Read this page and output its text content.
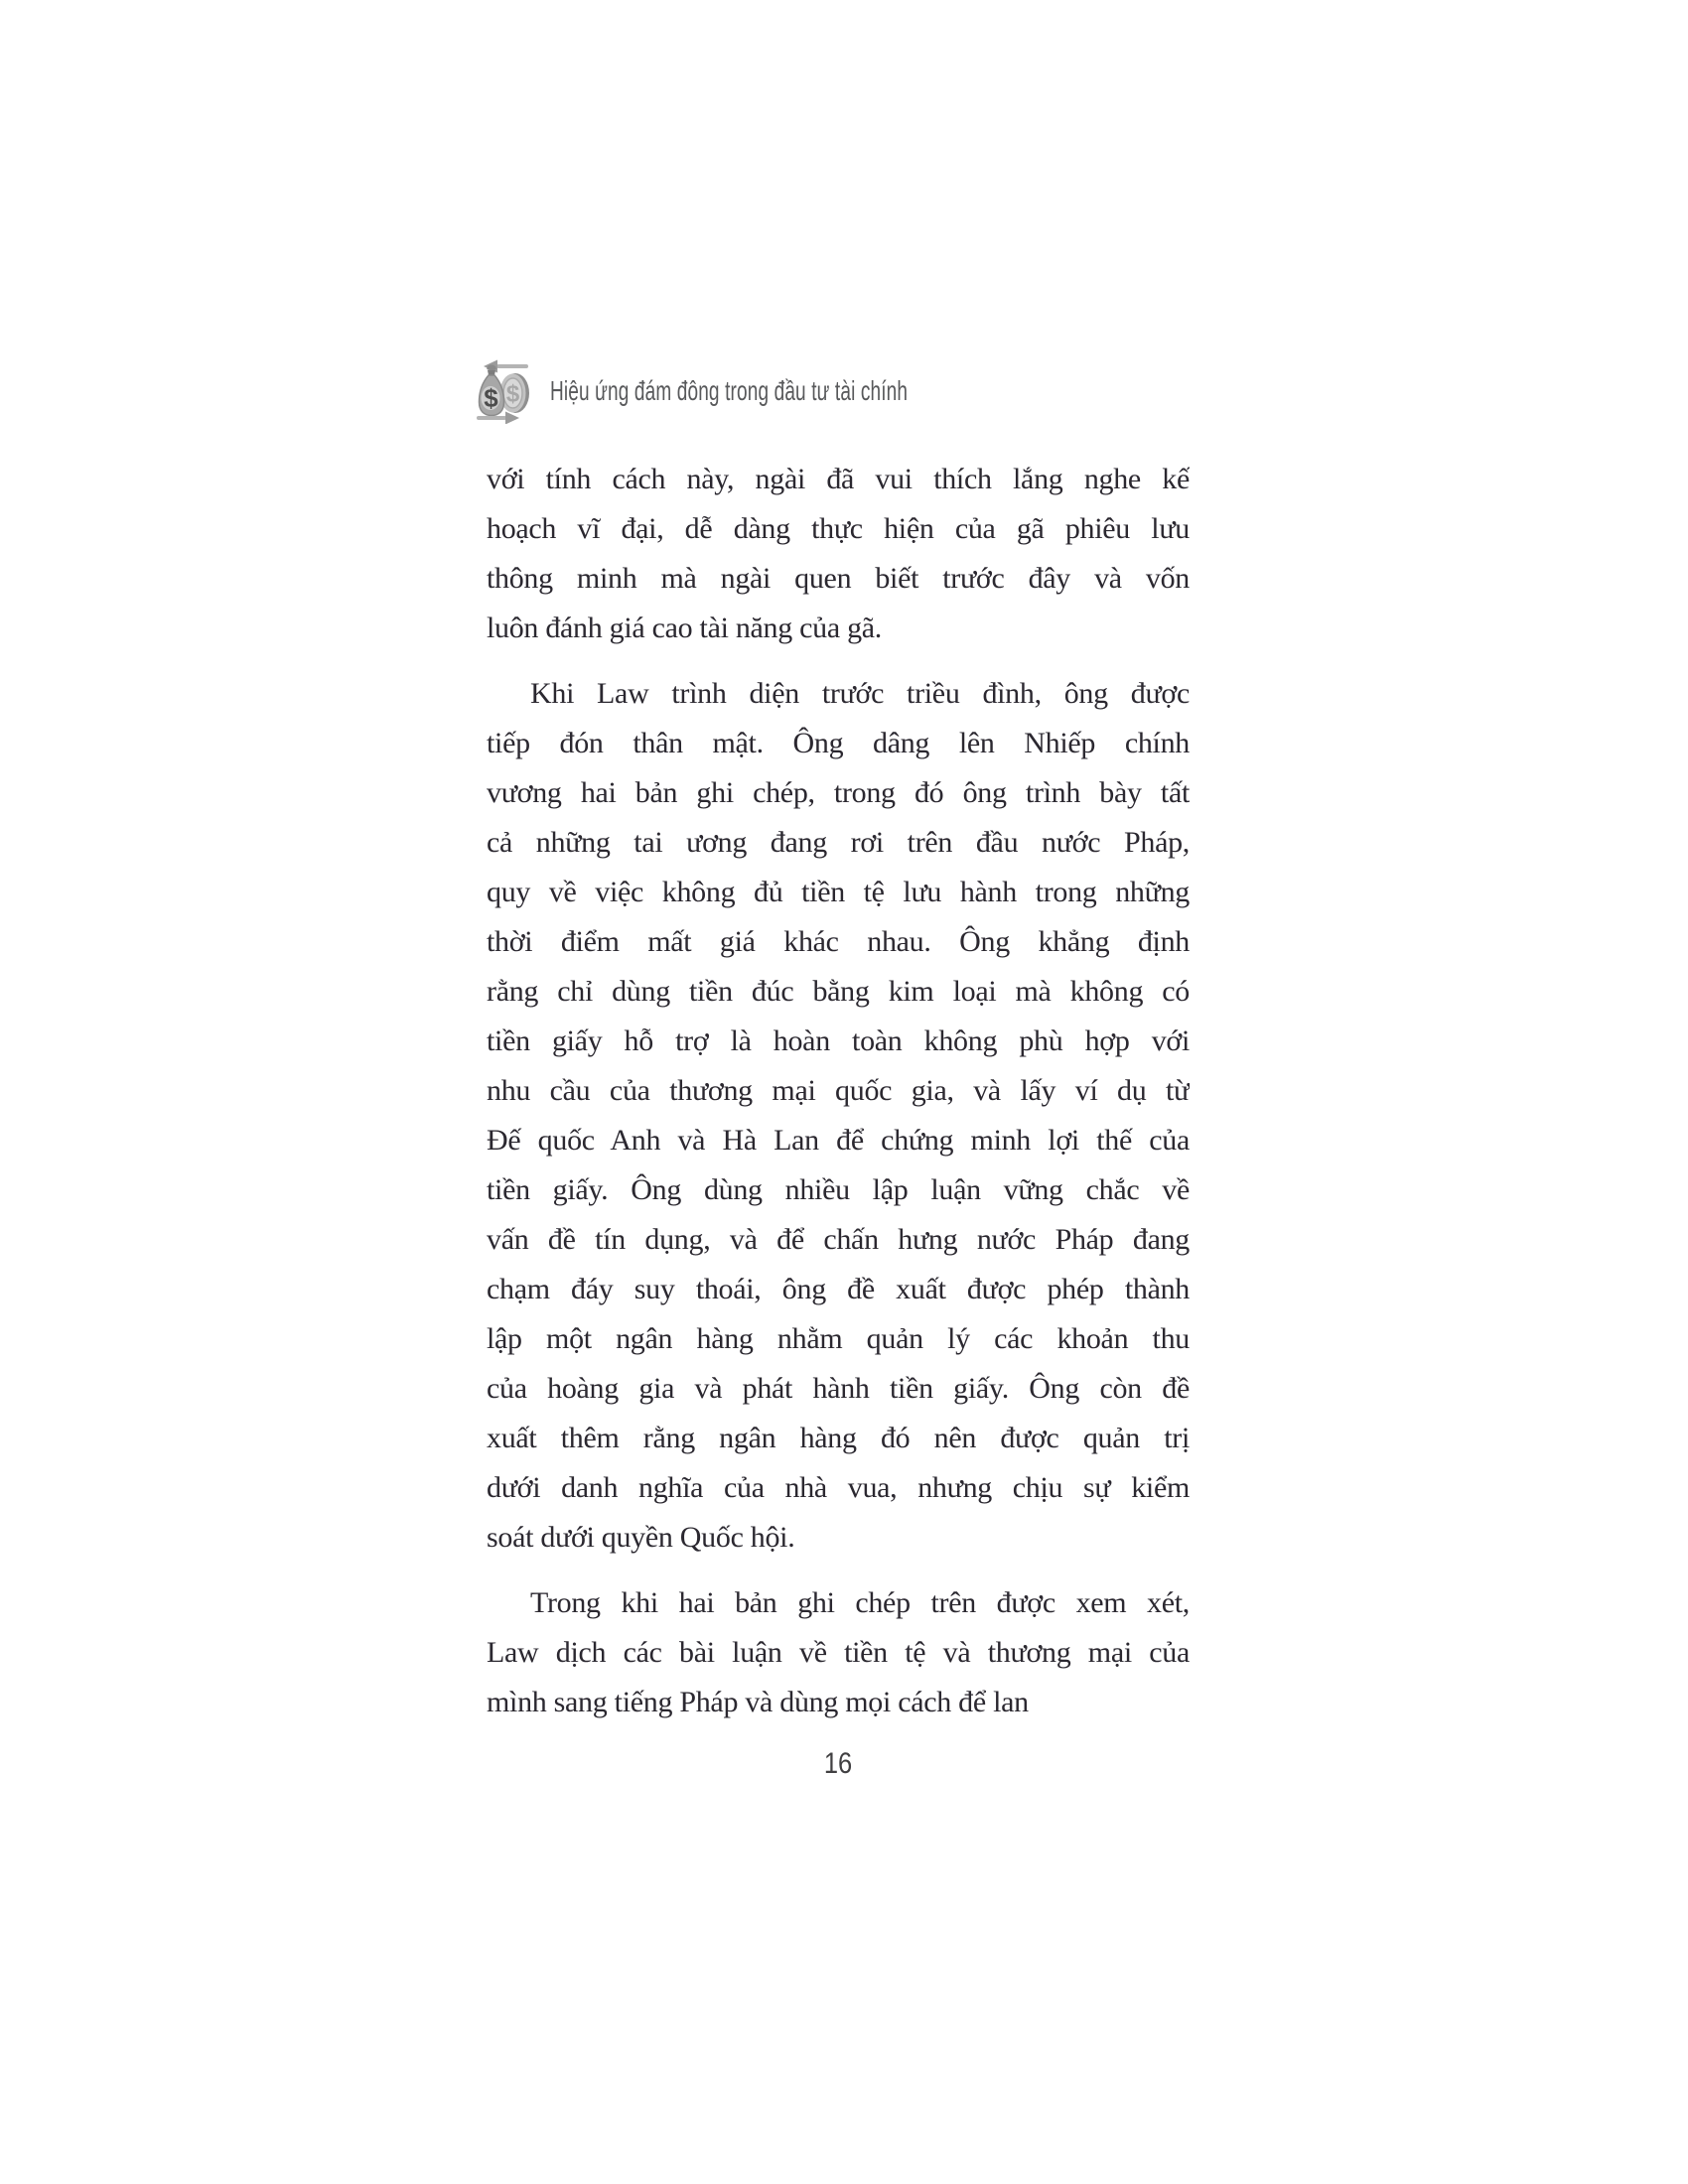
$
$ Hiệu ứng đám đông trong đầu tư tài chính
với tính cách này, ngài đã vui thích lắng nghe kế
hoạch vĩ đại, dễ dàng thực hiện của gã phiêu lưu
thông minh mà ngài quen biết trước đây và vốn
luôn đánh giá cao tài năng của gã.
Khi Law trình diện trước triều đình, ông được
tiếp đón thân mật. Ông dâng lên Nhiếp chính
vương hai bản ghi chép, trong đó ông trình bày tất
cả những tai ương đang rơi trên đầu nước Pháp,
quy về việc không đủ tiền tệ lưu hành trong những
thời điểm mất giá khác nhau. Ông khẳng định
rằng chỉ dùng tiền đúc bằng kim loại mà không có
tiền giấy hỗ trợ là hoàn toàn không phù hợp với
nhu cầu của thương mại quốc gia, và lấy ví dụ từ
Đế quốc Anh và Hà Lan để chứng minh lợi thế của
tiền giấy. Ông dùng nhiều lập luận vững chắc về
vấn đề tín dụng, và để chấn hưng nước Pháp đang
chạm đáy suy thoái, ông đề xuất được phép thành
lập một ngân hàng nhằm quản lý các khoản thu
của hoàng gia và phát hành tiền giấy. Ông còn đề
xuất thêm rằng ngân hàng đó nên được quản trị
dưới danh nghĩa của nhà vua, nhưng chịu sự kiểm
soát dưới quyền Quốc hội.
Trong khi hai bản ghi chép trên được xem xét,
Law dịch các bài luận về tiền tệ và thương mại của
mình sang tiếng Pháp và dùng mọi cách để lan
16
